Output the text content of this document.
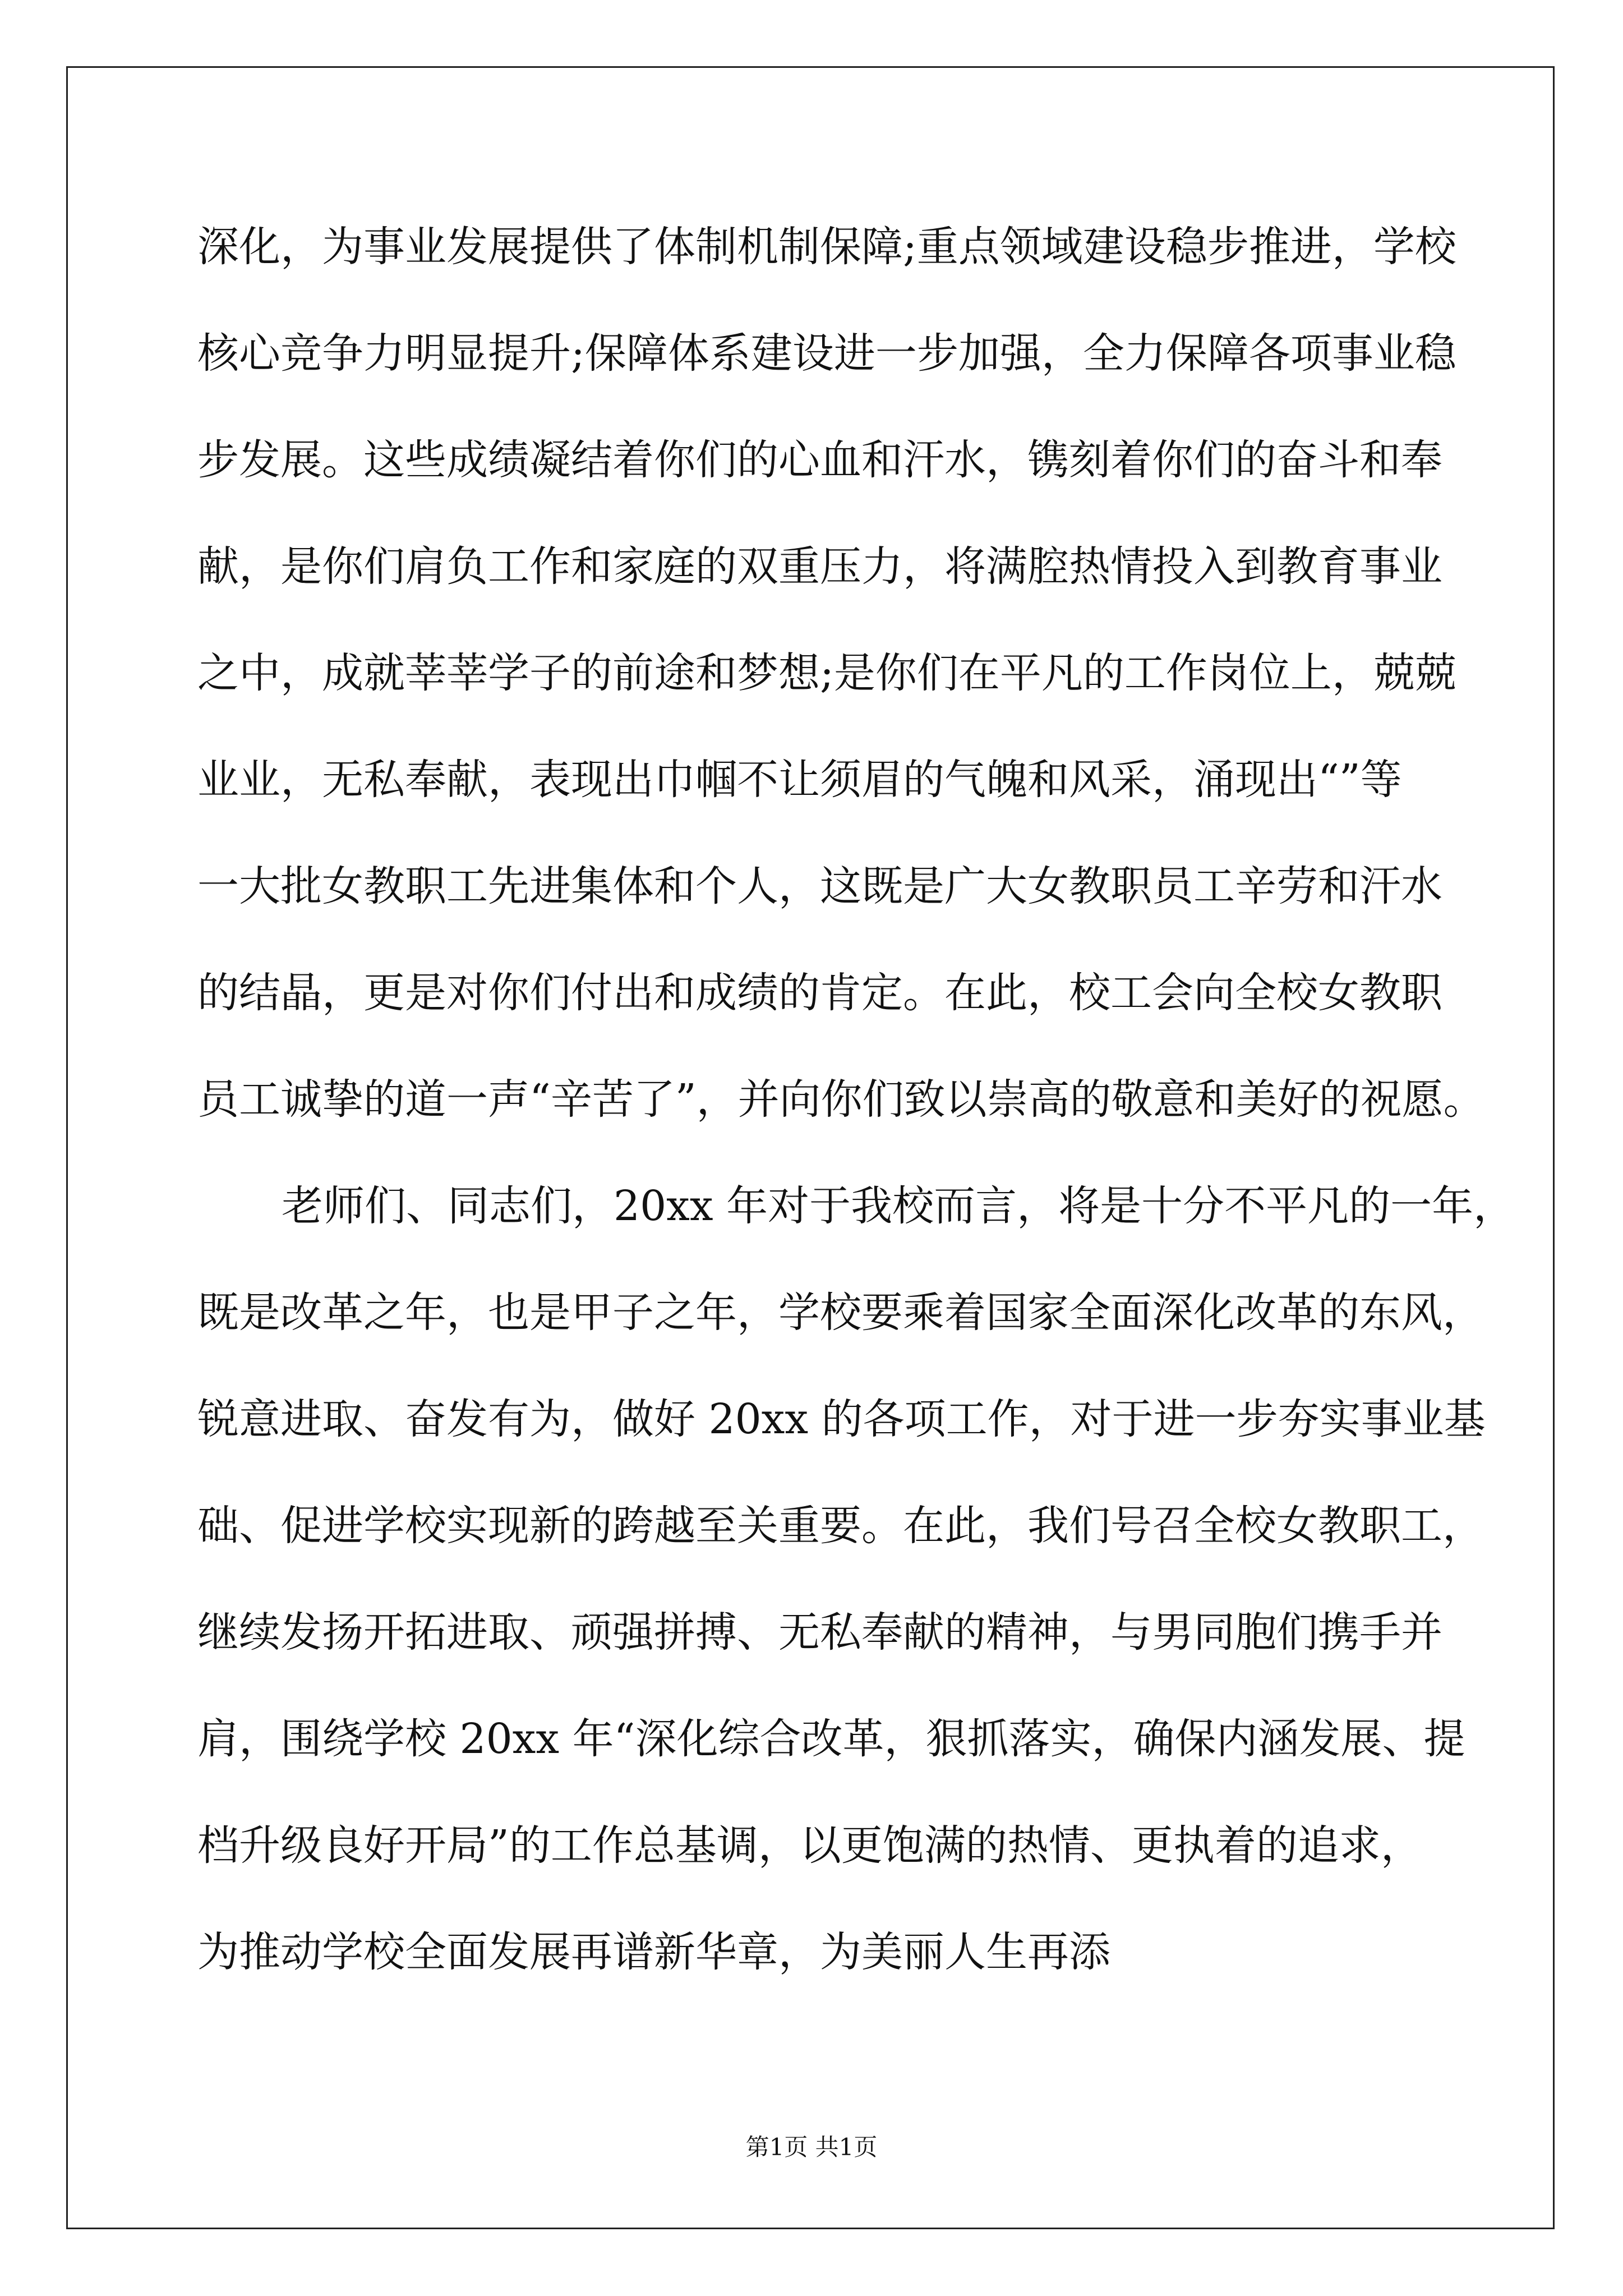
深化，为事业发展提供了体制机制保障;重点领域建设稳步推进，学校
核心竞争力明显提升;保障体系建设进一步加强，全力保障各项事业稳
步发展。这些成绩凝结着你们的心血和汗水，镌刻着你们的奋斗和奉
献，是你们肩负工作和家庭的双重压力，将满腔热情投入到教育事业
之中，成就莘莘学子的前途和梦想;是你们在平凡的工作岗位上，兢兢
业业，无私奉献，表现出巾帼不让须眉的气魄和风采，涌现出“”等
一大批女教职工先进集体和个人，这既是广大女教职员工辛劳和汗水
的结晶，更是对你们付出和成绩的肯定。在此，校工会向全校女教职
员工诚挚的道一声“辛苦了”，并向你们致以崇高的敬意和美好的祝愿。
老师们、同志们，20xx 年对于我校而言，将是十分不平凡的一年，
既是改革之年，也是甲子之年，学校要乘着国家全面深化改革的东风，
锐意进取、奋发有为，做好 20xx 的各项工作，对于进一步夯实事业基
础、促进学校实现新的跨越至关重要。在此，我们号召全校女教职工，
继续发扬开拓进取、顽强拼搏、无私奉献的精神，与男同胞们携手并
肩，围绕学校 20xx 年“深化综合改革，狠抓落实，确保内涵发展、提
档升级良好开局”的工作总基调，以更饱满的热情、更执着的追求，
为推动学校全面发展再谱新华章，为美丽人生再添
第1页 共1页
